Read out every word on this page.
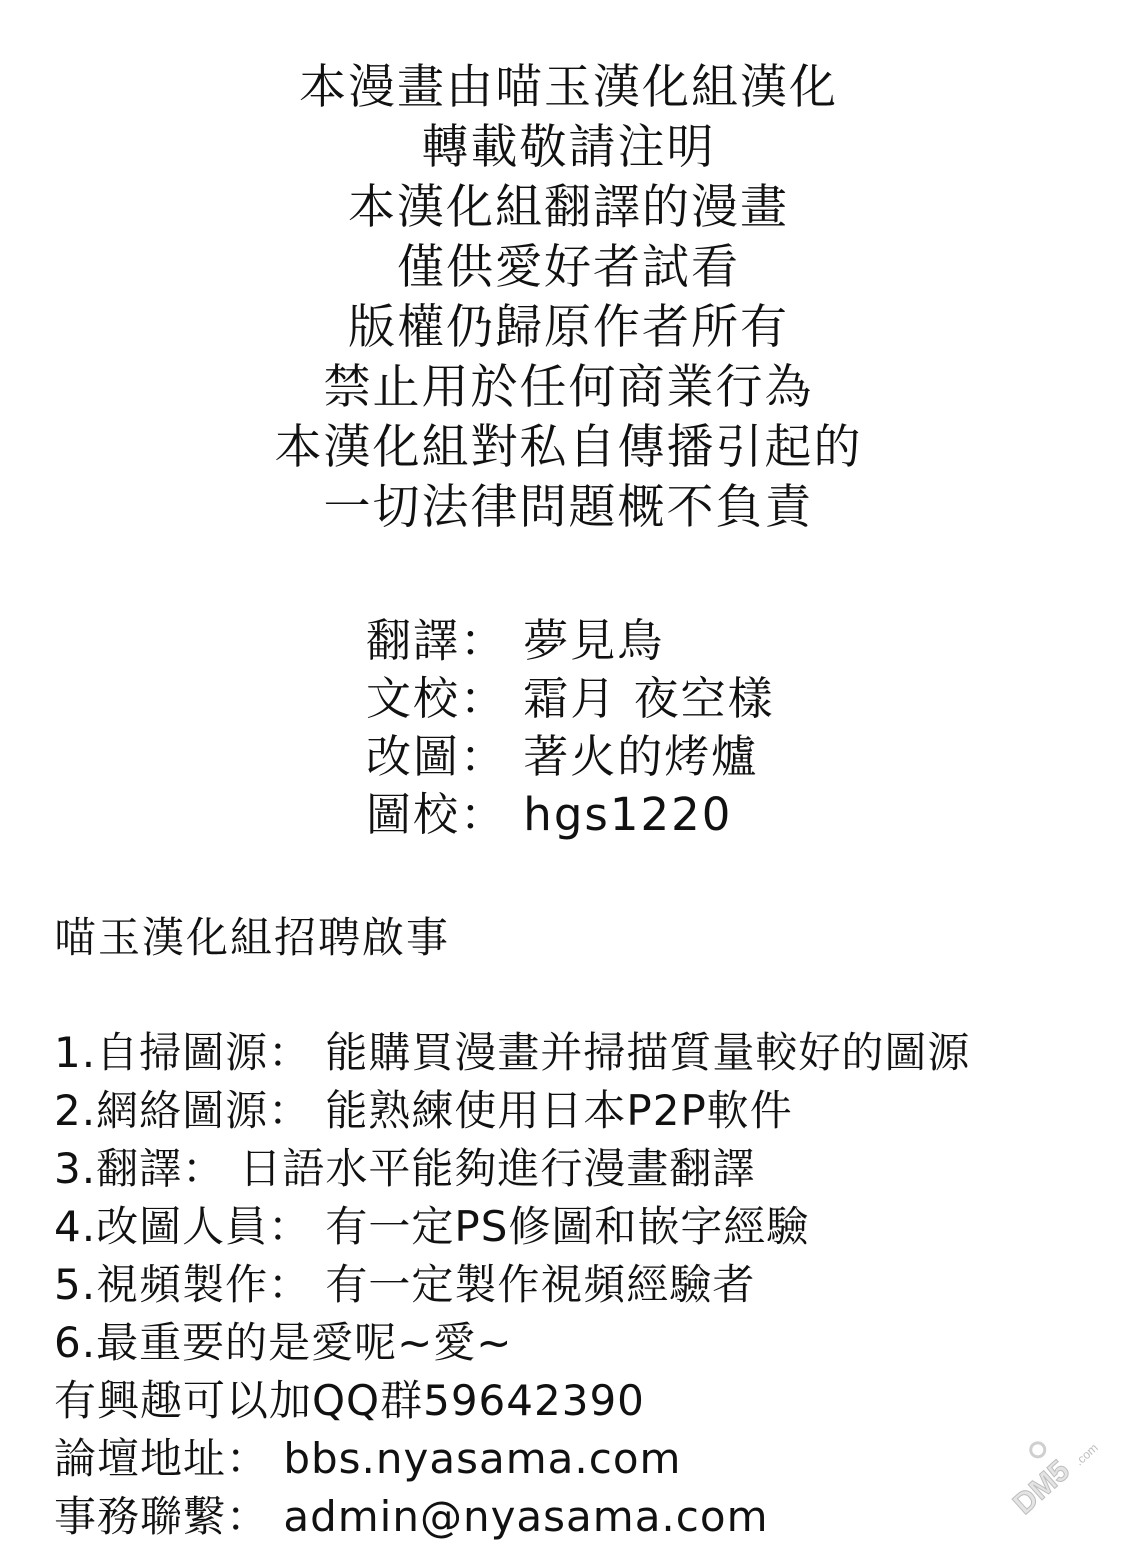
本漫畫由喵玉漢化組漢化
轉載敬請注明
本漢化組翻譯的漫畫
僅供愛好者試看
版權仍歸原作者所有
禁止用於任何商業行為
本漢化組對私自傳播引起的
一切法律問題概不負責
翻譯： 夢見鳥
文校： 霜月 夜空樣
改圖： 著火的烤爐
圖校： hgs1220
喵玉漢化組招聘啟事
1.自掃圖源： 能購買漫畫并掃描質量較好的圖源
2.網絡圖源： 能熟練使用日本P2P軟件
3.翻譯： 日語水平能夠進行漫畫翻譯
4.改圖人員： 有一定PS修圖和嵌字經驗
5.視頻製作： 有一定製作視頻經驗者
6.最重要的是愛呢~愛~
有興趣可以加QQ群59642390
論壇地址： bbs.nyasama.com
事務聯繫： admin@nyasama.com	DM5
.com
